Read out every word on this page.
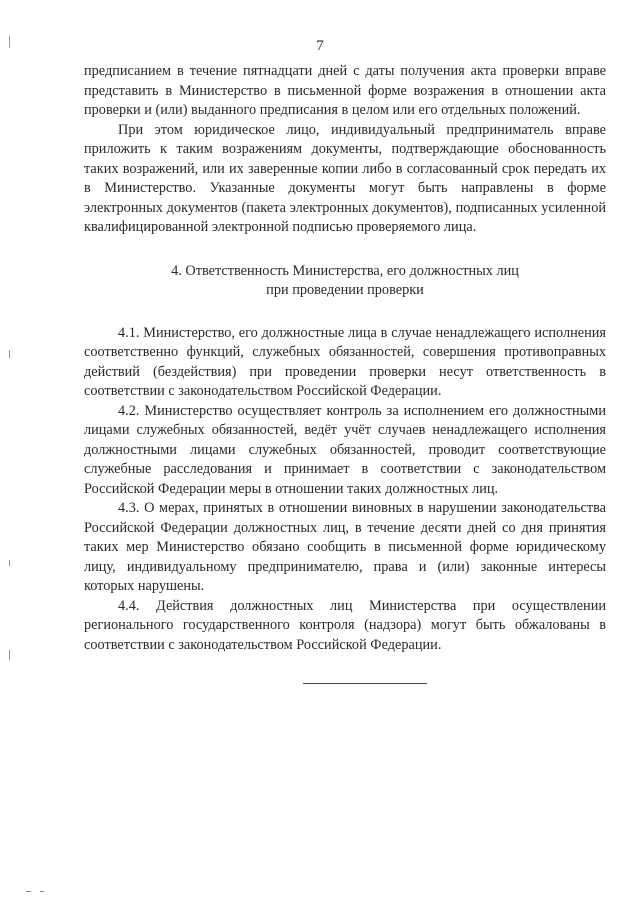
7

предписанием в течение пятнадцати дней с даты получения акта проверки вправе представить в Министерство в письменной форме возражения в отношении акта проверки и (или) выданного предписания в целом или его отдельных положений.

При этом юридическое лицо, индивидуальный предприниматель вправе приложить к таким возражениям документы, подтверждающие обоснованность таких возражений, или их заверенные копии либо в согласованный срок передать их в Министерство. Указанные документы могут быть направлены в форме электронных документов (пакета электронных документов), подписанных усиленной квалифицированной электронной подписью проверяемого лица.

4. Ответственность Министерства, его должностных лиц
при проведении проверки

4.1. Министерство, его должностные лица в случае ненадлежащего исполнения соответственно функций, служебных обязанностей, совершения противоправных действий (бездействия) при проведении проверки несут ответственность в соответствии с законодательством Российской Федерации.

4.2. Министерство осуществляет контроль за исполнением его должностными лицами служебных обязанностей, ведёт учёт случаев ненадлежащего исполнения должностными лицами служебных обязанностей, проводит соответствующие служебные расследования и принимает в соответствии с законодательством Российской Федерации меры в отношении таких должностных лиц.

4.3. О мерах, принятых в отношении виновных в нарушении законодательства Российской Федерации должностных лиц, в течение десяти дней со дня принятия таких мер Министерство обязано сообщить в письменной форме юридическому лицу, индивидуальному предпринимателю, права и (или) законные интересы которых нарушены.

4.4. Действия должностных лиц Министерства при осуществлении регионального государственного контроля (надзора) могут быть обжалованы в соответствии с законодательством Российской Федерации.
